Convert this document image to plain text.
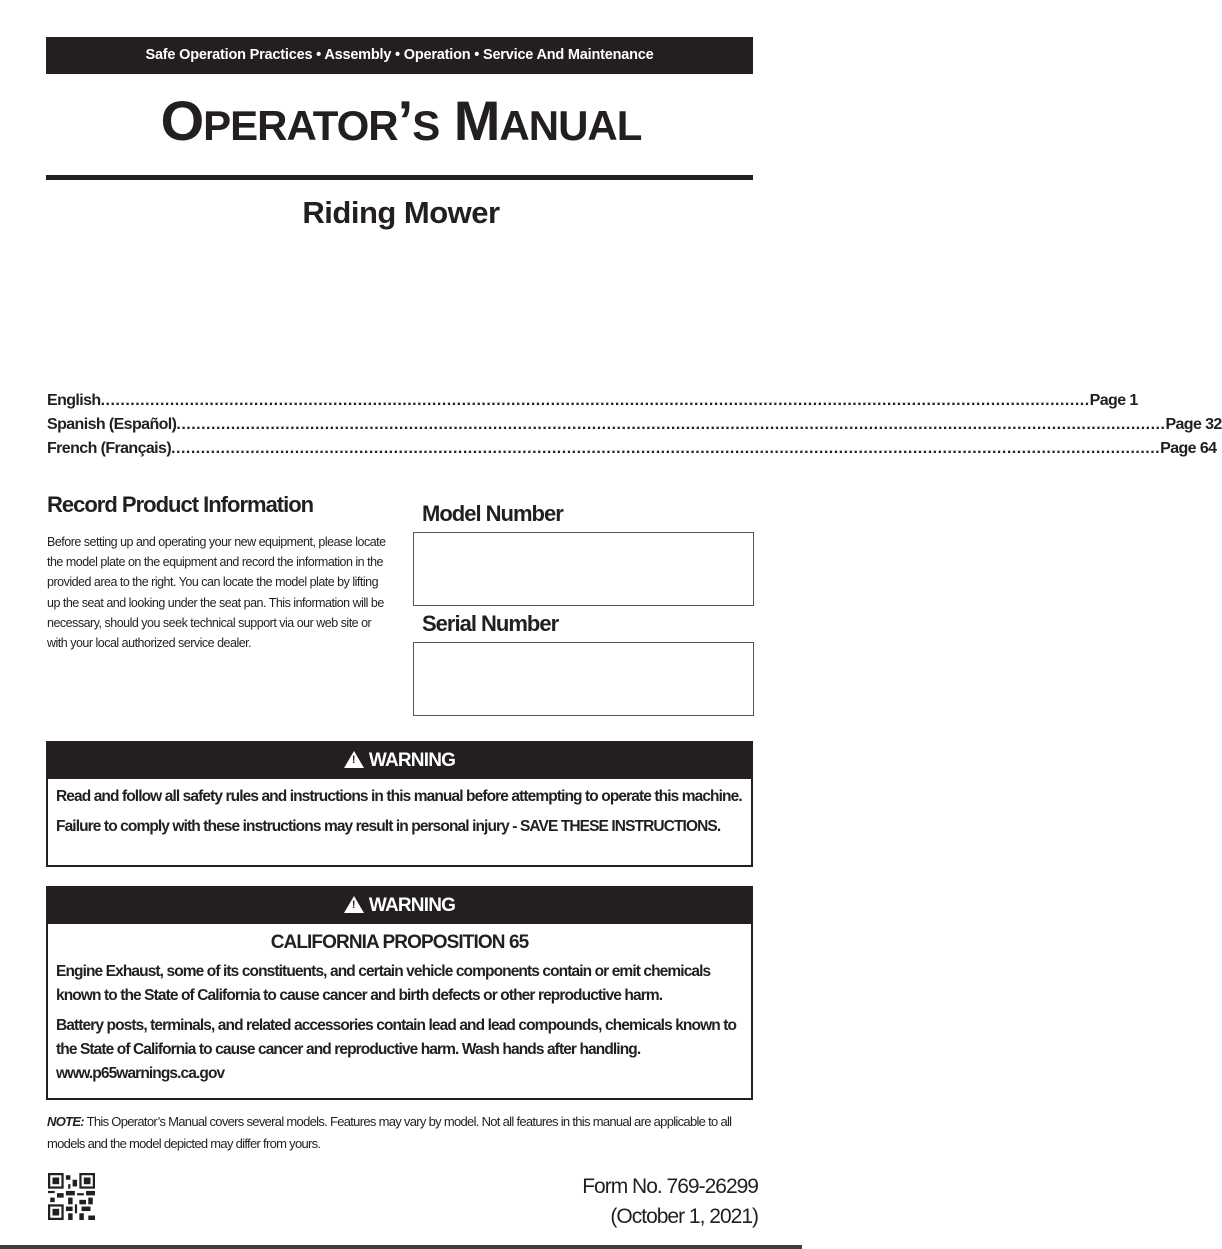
Safe Operation Practices • Assembly • Operation • Service And Maintenance
OPERATOR’S MANUAL
Riding Mower
English ........................................................................................................................................................................................................ Page 1
Spanish (Español) ........................................................................................................................................................................................................ Page 32
French (Français) ........................................................................................................................................................................................................ Page 64
Record Product Information
Before setting up and operating your new equipment, please locate the model plate on the equipment and record the information in the provided area to the right. You can locate the model plate by lifting up the seat and looking under the seat pan. This information will be necessary, should you seek technical support via our web site or with your local authorized service dealer.
Model Number
Serial Number
!WARNING

Read and follow all safety rules and instructions in this manual before attempting to operate this machine.

Failure to comply with these instructions may result in personal injury - SAVE THESE INSTRUCTIONS.

!WARNING

CALIFORNIA PROPOSITION 65

Engine Exhaust, some of its constituents, and certain vehicle components contain or emit chemicals known to the State of California to cause cancer and birth defects or other reproductive harm.

Battery posts, terminals, and related accessories contain lead and lead compounds, chemicals known to the State of California to cause cancer and reproductive harm. Wash hands after handling. www.p65warnings.ca.gov

NOTE: This Operator’s Manual covers several models. Features may vary by model. Not all features in this manual are applicable to all models and the model depicted may differ from yours.
Form No. 769-26299
(October 1, 2021)
